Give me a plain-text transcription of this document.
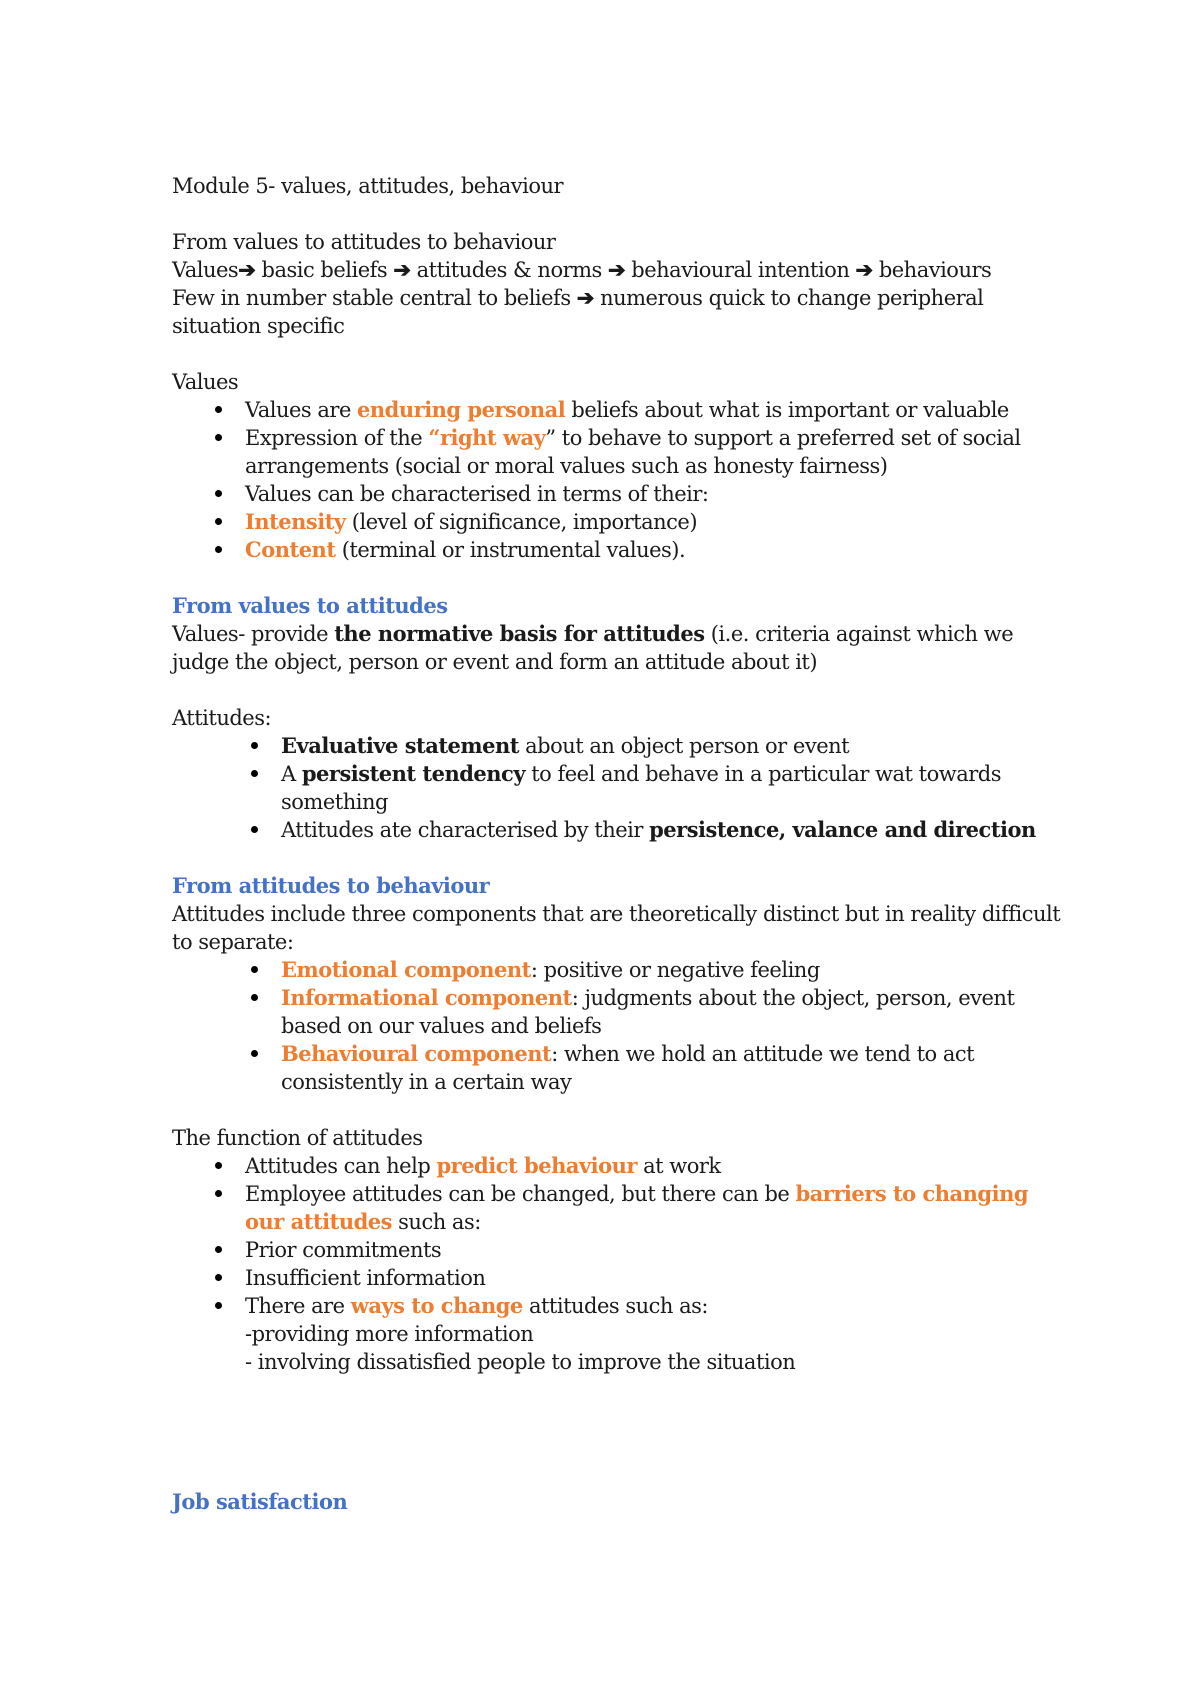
Module 5- values, attitudes, behaviour

From values to attitudes to behaviour

Values➔ basic beliefs ➔ attitudes & norms ➔ behavioural intention ➔ behaviours

Few in number stable central to beliefs ➔ numerous quick to change peripheral situation specific

Values

Values are enduring personal beliefs about what is important or valuable
Expression of the “right way” to behave to support a preferred set of social arrangements (social or moral values such as honesty fairness)
Values can be characterised in terms of their:
Intensity (level of significance, importance)
Content (terminal or instrumental values).

From values to attitudes

Values- provide the normative basis for attitudes (i.e. criteria against which we judge the object, person or event and form an attitude about it)

Attitudes:

Evaluative statement about an object person or event
A persistent tendency to feel and behave in a particular wat towards something
Attitudes ate characterised by their persistence, valance and direction

From attitudes to behaviour

Attitudes include three components that are theoretically distinct but in reality difficult to separate:

Emotional component: positive or negative feeling
Informational component: judgments about the object, person, event based on our values and beliefs
Behavioural component: when we hold an attitude we tend to act consistently in a certain way

The function of attitudes

Attitudes can help predict behaviour at work
Employee attitudes can be changed, but there can be barriers to changing our attitudes such as:
Prior commitments
Insufficient information
There are ways to change attitudes such as:

-providing more information

- involving dissatisfied people to improve the situation

Job satisfaction
